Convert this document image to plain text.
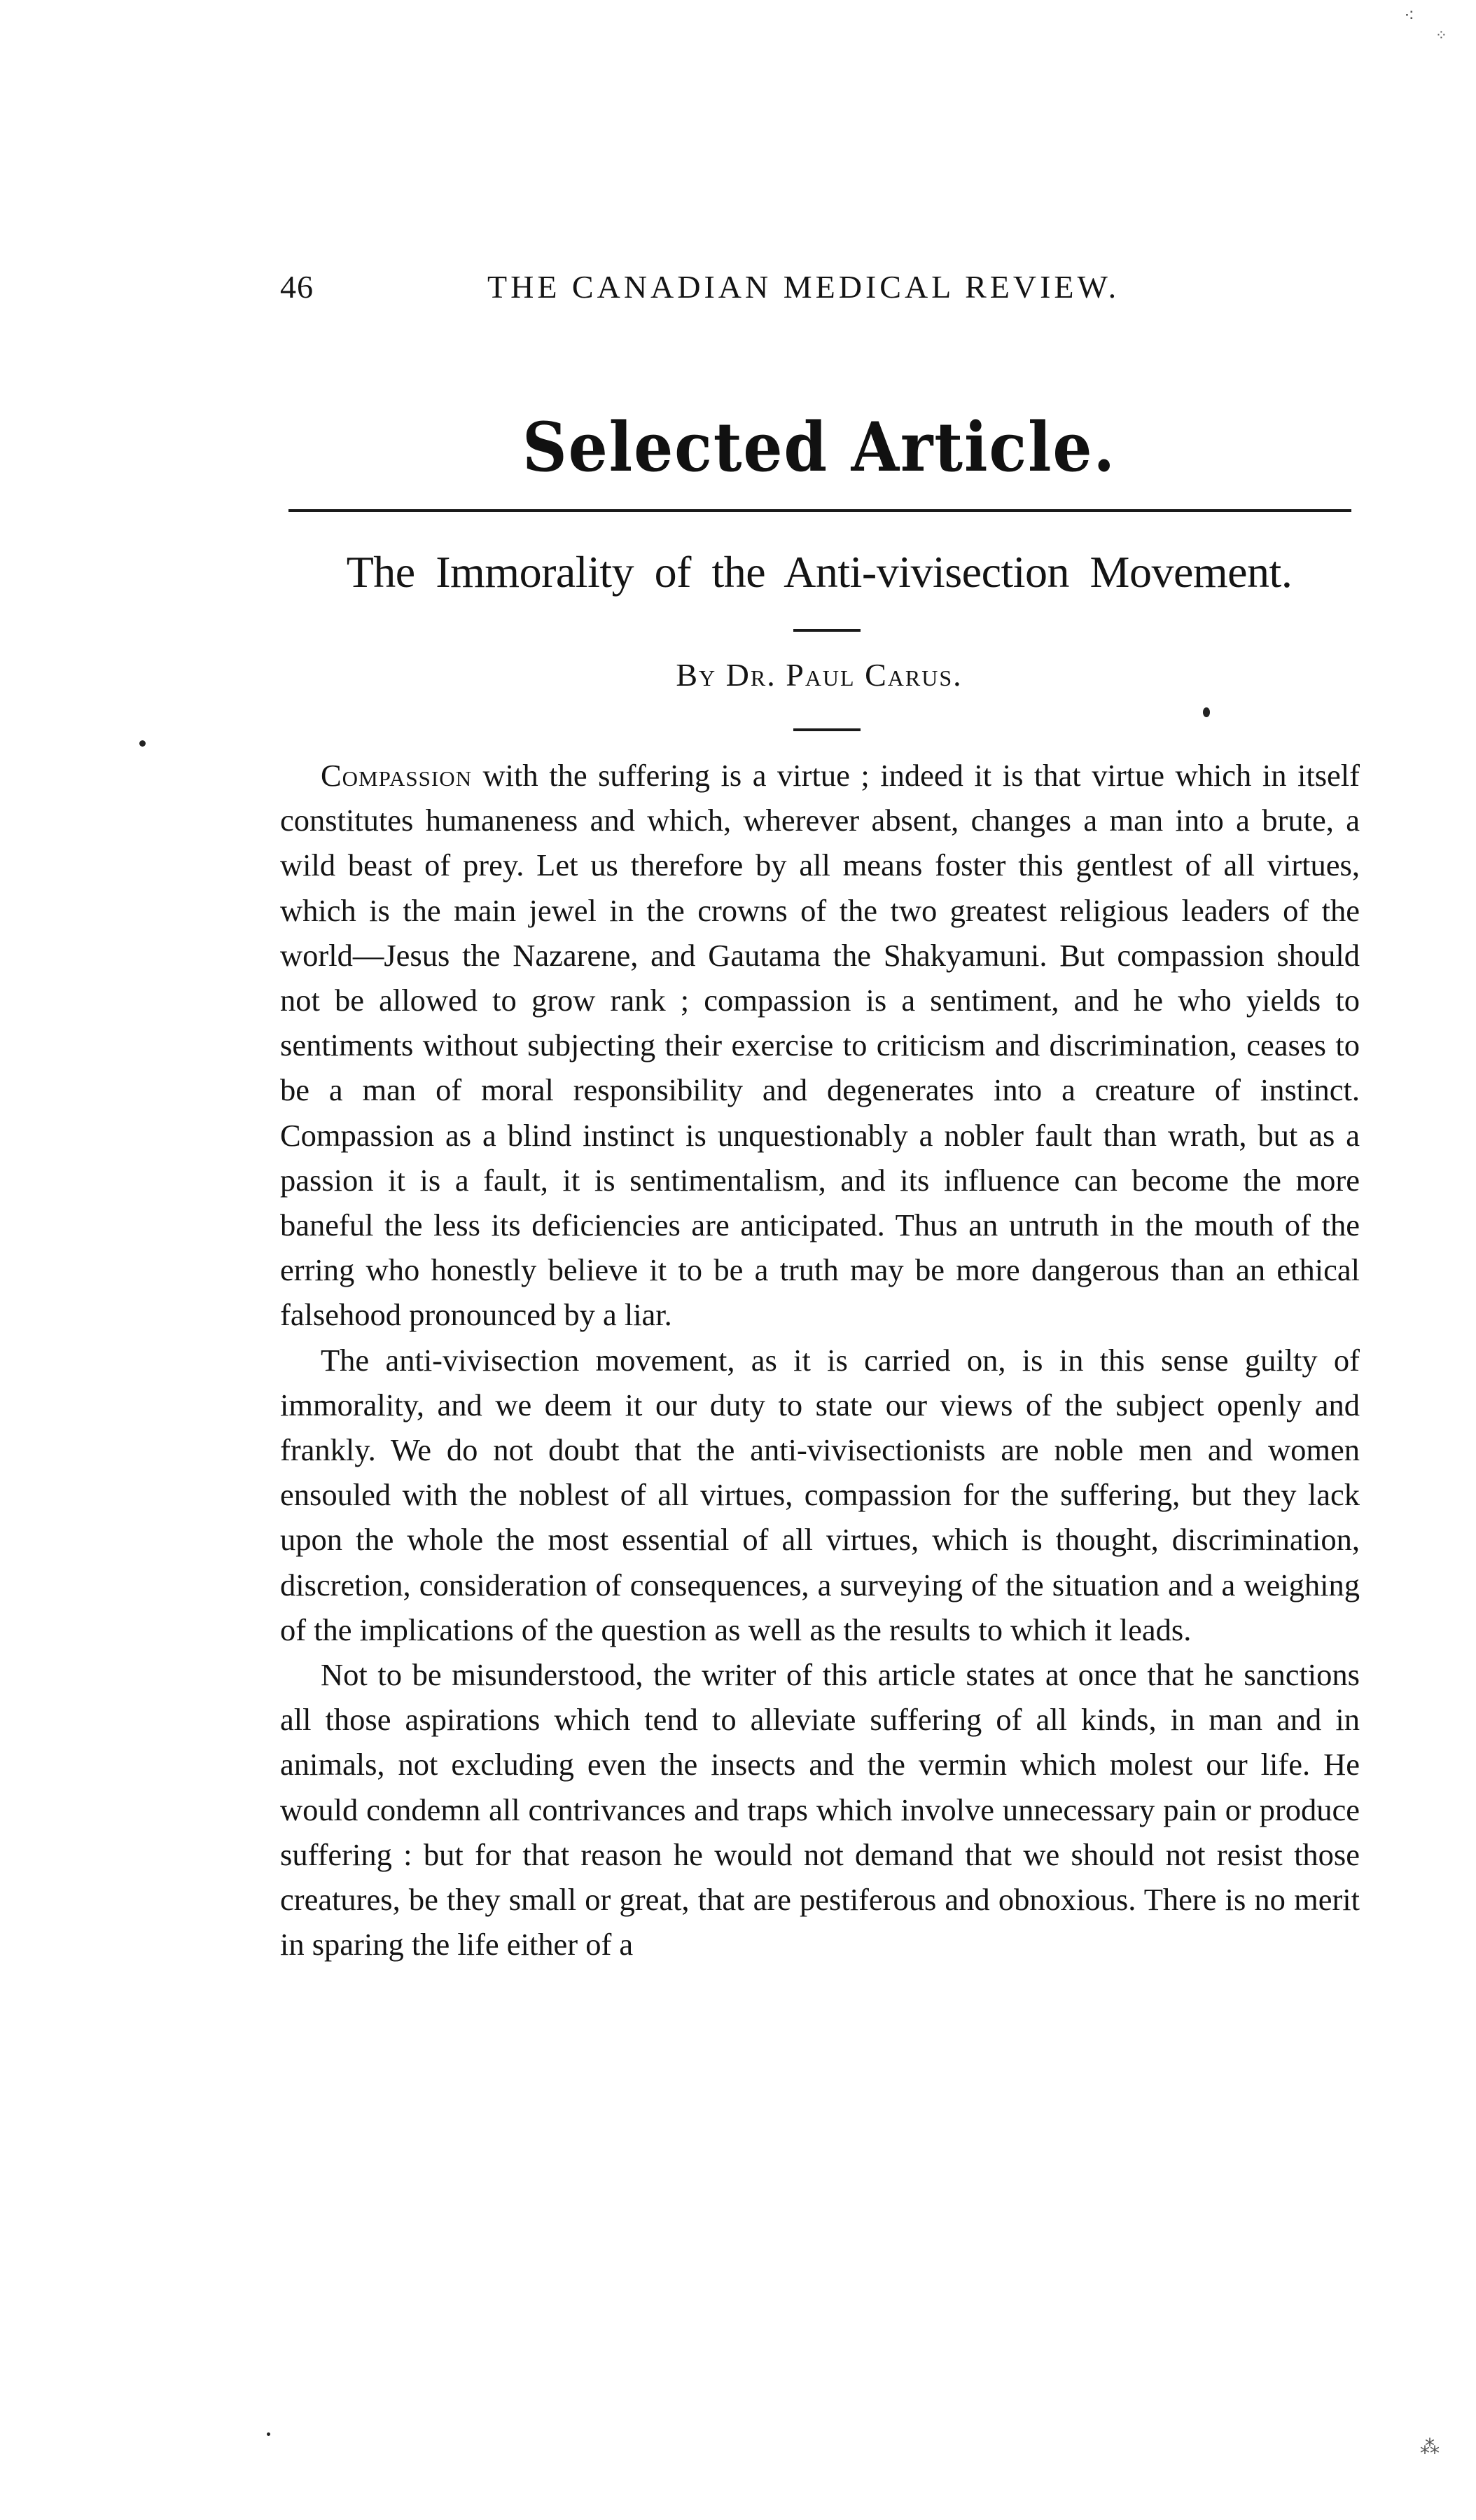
46	THE CANADIAN MEDICAL REVIEW.
Selected Article.
The Immorality of the Anti-vivisection Movement.
By Dr. Paul Carus.

Compassion with the suffering is a virtue ; indeed it is that virtue which in itself constitutes humaneness and which, wherever absent, changes a man into a brute, a wild beast of prey. Let us therefore by all means foster this gentlest of all virtues, which is the main jewel in the crowns of the two greatest religious leaders of the world—Jesus the Nazarene, and Gautama the Shakyamuni. But compassion should not be allowed to grow rank ; compassion is a sentiment, and he who yields to sentiments without subjecting their exercise to criticism and discrimination, ceases to be a man of moral responsibility and degenerates into a creature of instinct. Compassion as a blind instinct is unquestionably a nobler fault than wrath, but as a passion it is a fault, it is sentimentalism, and its influence can become the more baneful the less its deficiencies are anticipated. Thus an untruth in the mouth of the erring who honestly believe it to be a truth may be more dangerous than an ethical falsehood pronounced by a liar.

The anti-vivisection movement, as it is carried on, is in this sense guilty of immorality, and we deem it our duty to state our views of the subject openly and frankly. We do not doubt that the anti-vivisectionists are noble men and women ensouled with the noblest of all virtues, compassion for the suffering, but they lack upon the whole the most essential of all virtues, which is thought, discrimination, discretion, consideration of consequences, a surveying of the situation and a weighing of the implications of the question as well as the results to which it leads.

Not to be misunderstood, the writer of this article states at once that he sanctions all those aspirations which tend to alleviate suffering of all kinds, in man and in animals, not excluding even the insects and the vermin which molest our life. He would condemn all contrivances and traps which involve unnecessary pain or produce suffering : but for that reason he would not demand that we should not resist those creatures, be they small or great, that are pestiferous and obnoxious. There is no merit in sparing the life either of a

⁖
⁘
⁂
